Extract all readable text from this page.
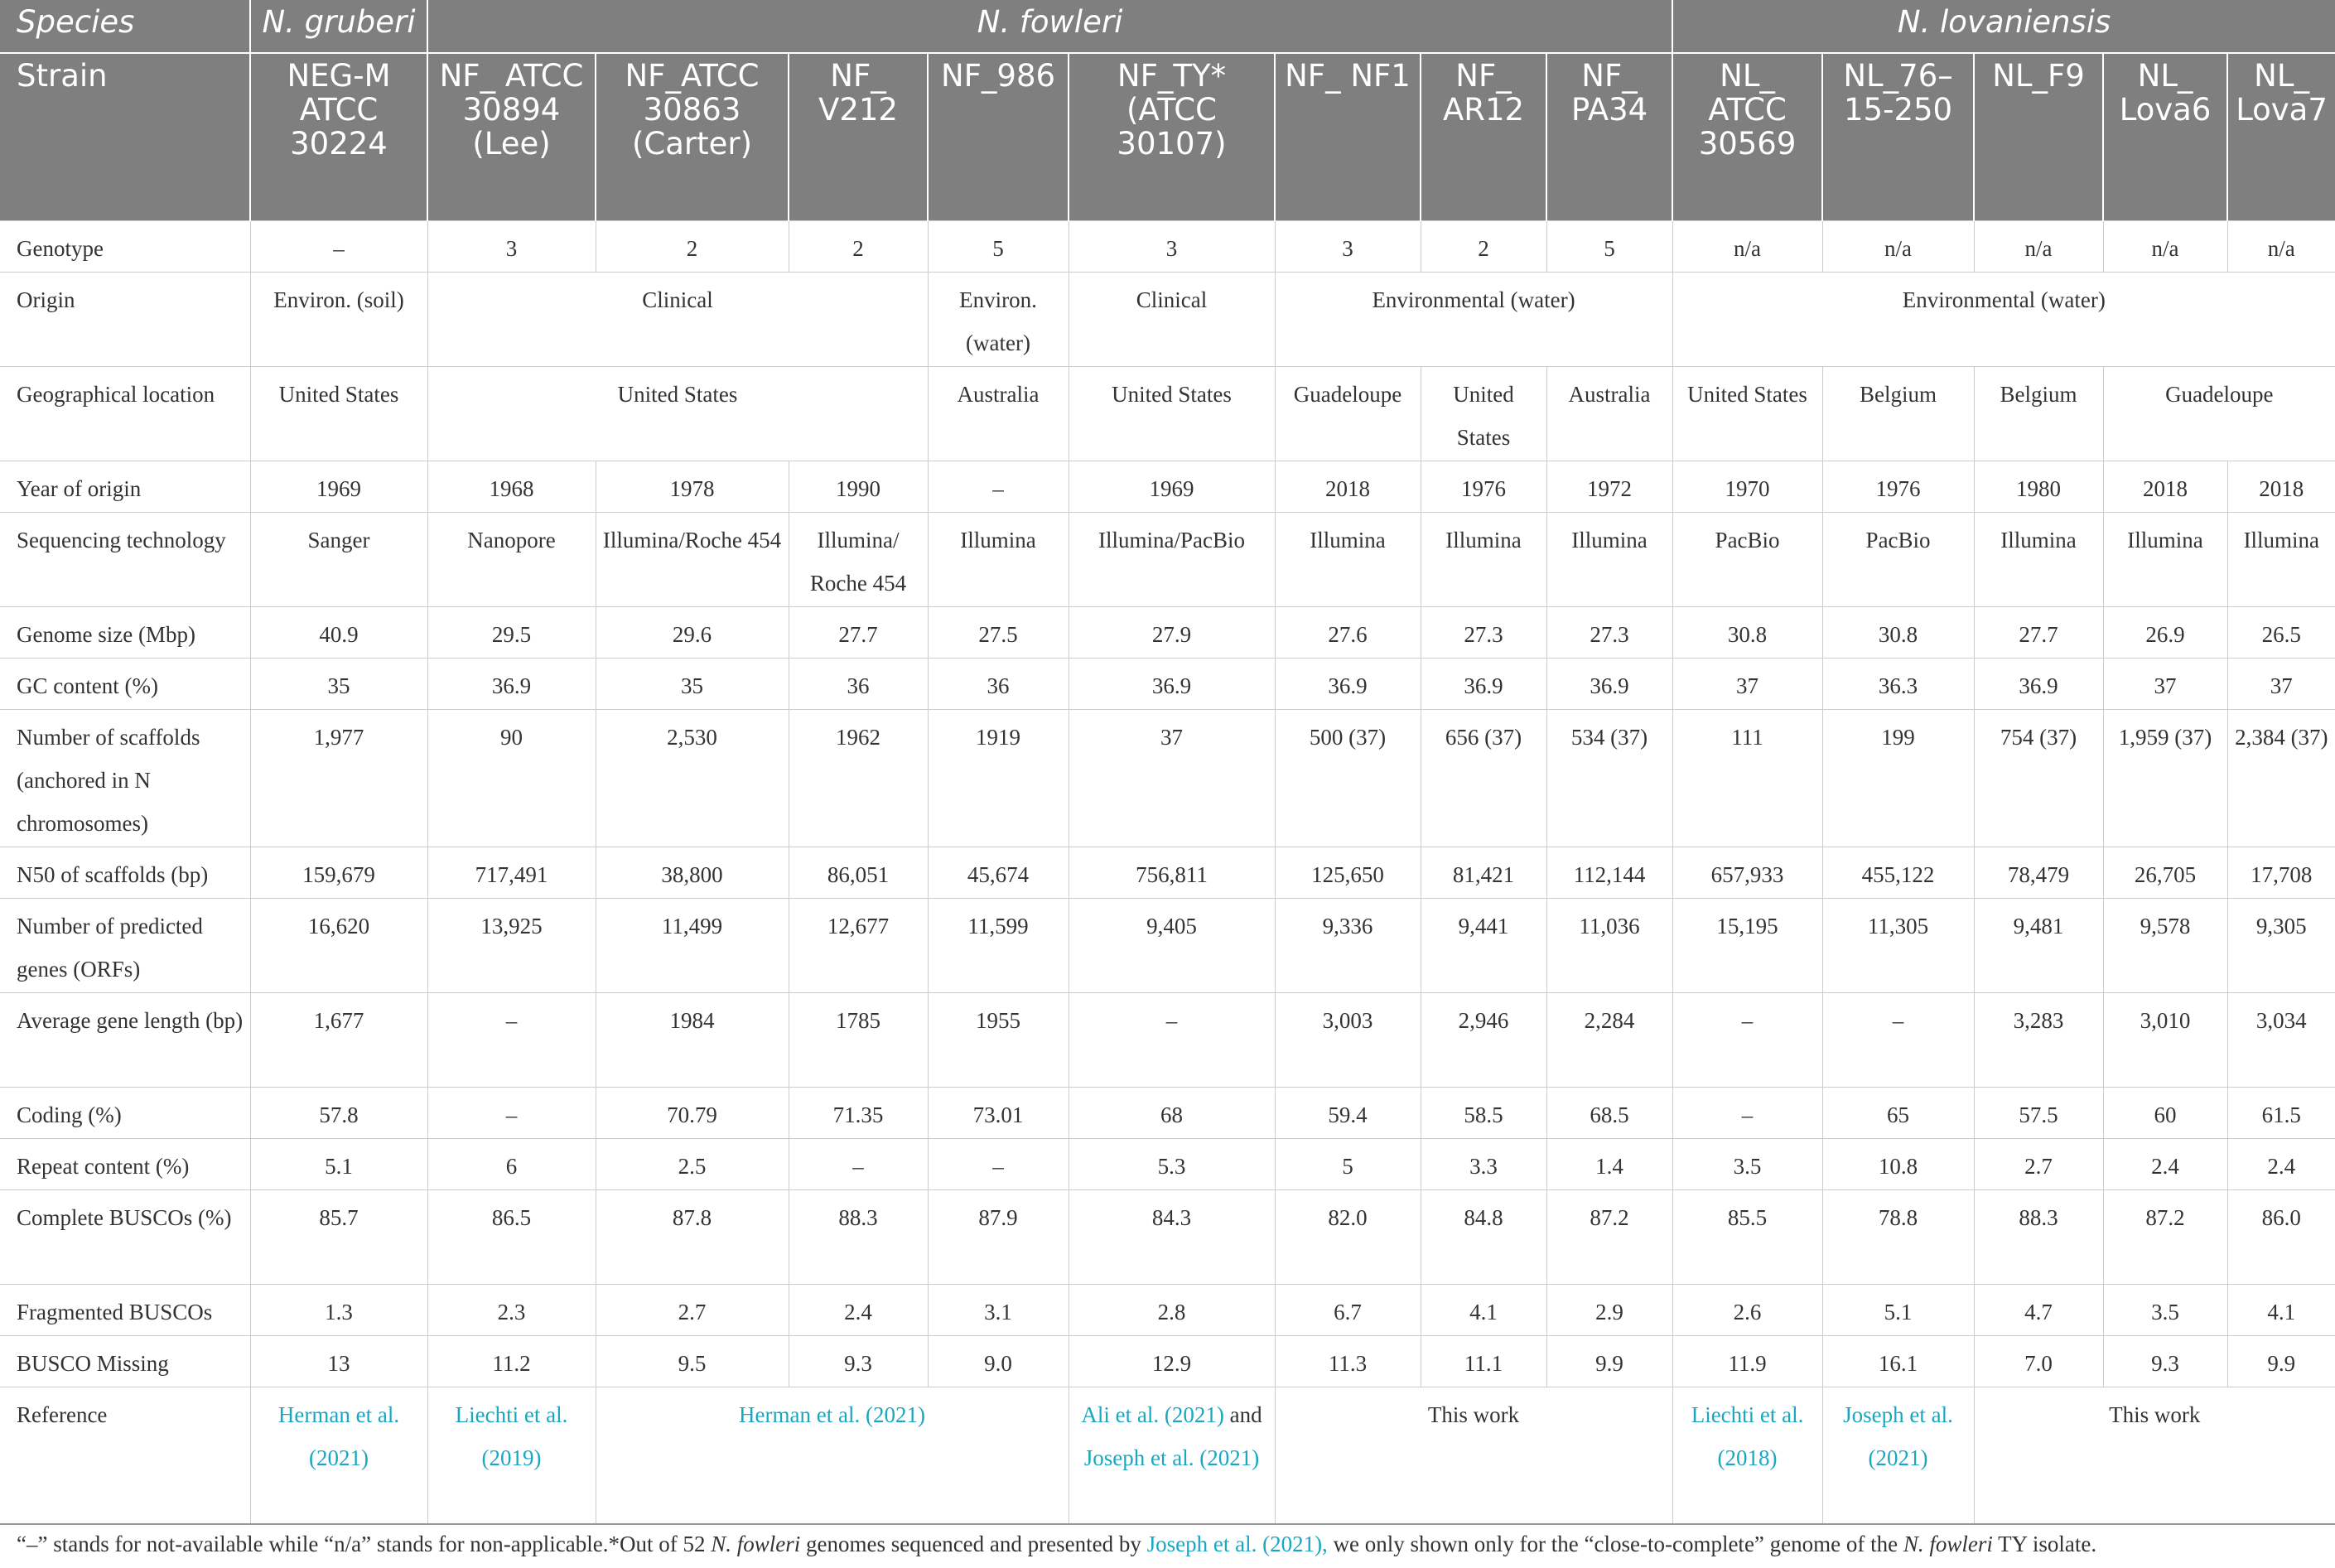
Species	N. gruberi	N. fowleri								N. lovaniensis				
Strain	NEG-M ATCC 30224	NF_ ATCC 30894 (Lee)	NF_ATCC 30863 (Carter)	NF_ V212	NF_986	NF_TY* (ATCC 30107)	NF_ NF1	NF_ AR12	NF_ PA34	NL_ ATCC 30569	NL_76–15-250	NL_F9	NL_ Lova6	NL_ Lova7
Genotype	–	3	2	2	5	3	3	2	5	n/a	n/a	n/a	n/a	n/a
Origin	Environ. (soil)	Clinical			Environ. (water)	Clinical	Environmental (water)			Environmental (water)				
Geographical location	United States	United States			Australia	United States	Guadeloupe	United States	Australia	United States	Belgium	Belgium	Guadeloupe	
Year of origin	1969	1968	1978	1990	–	1969	2018	1976	1972	1970	1976	1980	2018	2018
Sequencing technology	Sanger	Nanopore	Illumina/Roche 454	Illumina/ Roche 454	Illumina	Illumina/PacBio	Illumina	Illumina	Illumina	PacBio	PacBio	Illumina	Illumina	Illumina
Genome size (Mbp)	40.9	29.5	29.6	27.7	27.5	27.9	27.6	27.3	27.3	30.8	30.8	27.7	26.9	26.5
GC content (%)	35	36.9	35	36	36	36.9	36.9	36.9	36.9	37	36.3	36.9	37	37
Number of scaffolds (anchored in N chromosomes)	1,977	90	2,530	1962	1919	37	500 (37)	656 (37)	534 (37)	111	199	754 (37)	1,959 (37)	2,384 (37)
N50 of scaffolds (bp)	159,679	717,491	38,800	86,051	45,674	756,811	125,650	81,421	112,144	657,933	455,122	78,479	26,705	17,708
Number of predicted genes (ORFs)	16,620	13,925	11,499	12,677	11,599	9,405	9,336	9,441	11,036	15,195	11,305	9,481	9,578	9,305
Average gene length (bp)	1,677	–	1984	1785	1955	–	3,003	2,946	2,284	–	–	3,283	3,010	3,034
Coding (%)	57.8	–	70.79	71.35	73.01	68	59.4	58.5	68.5	–	65	57.5	60	61.5
Repeat content (%)	5.1	6	2.5	–	–	5.3	5	3.3	1.4	3.5	10.8	2.7	2.4	2.4
Complete BUSCOs (%)	85.7	86.5	87.8	88.3	87.9	84.3	82.0	84.8	87.2	85.5	78.8	88.3	87.2	86.0
Fragmented BUSCOs	1.3	2.3	2.7	2.4	3.1	2.8	6.7	4.1	2.9	2.6	5.1	4.7	3.5	4.1
BUSCO Missing	13	11.2	9.5	9.3	9.0	12.9	11.3	11.1	9.9	11.9	16.1	7.0	9.3	9.9
Reference	Herman et al. (2021)	Liechti et al. (2019)	Herman et al. (2021)			Ali et al. (2021) and Joseph et al. (2021)	This work			Liechti et al. (2018)	Joseph et al. (2021)	This work		
“–” stands for not-available while “n/a” stands for non-applicable.*Out of 52 N. fowleri genomes sequenced and presented by Joseph et al. (2021), we only shown only for the “close-to-complete” genome of the N. fowleri TY isolate.
